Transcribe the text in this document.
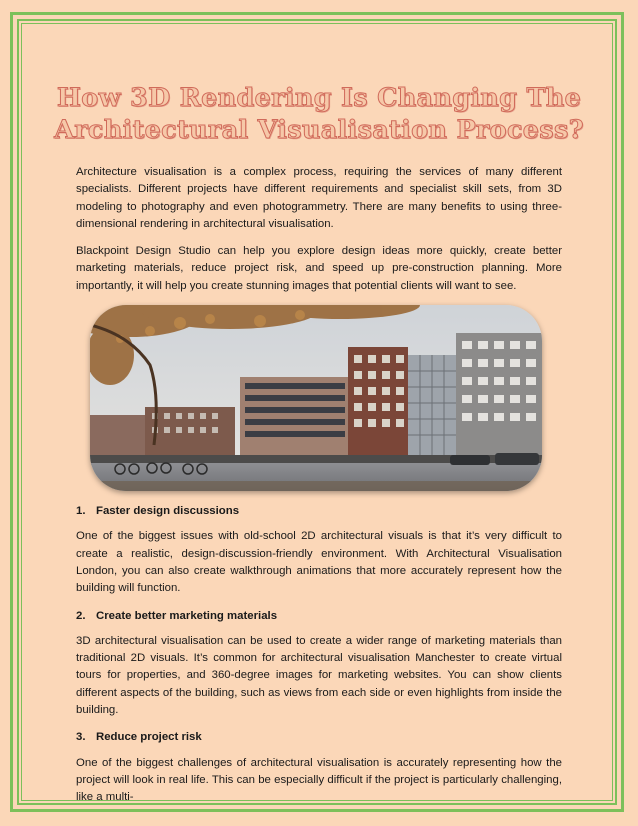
How 3D Rendering Is Changing The
Architectural Visualisation Process?

Architecture visualisation is a complex process, requiring the services of many different specialists. Different projects have different requirements and specialist skill sets, from 3D modeling to photography and even photogrammetry. There are many benefits to using three-dimensional rendering in architectural visualisation.

Blackpoint Design Studio can help you explore design ideas more quickly, create better marketing materials, reduce project risk, and speed up pre-construction planning. More importantly, it will help you create stunning images that potential clients will want to see.

1. Faster design discussions

One of the biggest issues with old-school 2D architectural visuals is that it’s very difficult to create a realistic, design-discussion-friendly environment. With Architectural Visualisation London, you can also create walkthrough animations that more accurately represent how the building will function.

2. Create better marketing materials

3D architectural visualisation can be used to create a wider range of marketing materials than traditional 2D visuals. It’s common for architectural visualisation Manchester to create virtual tours for properties, and 360-degree images for marketing websites. You can show clients different aspects of the building, such as views from each side or even highlights from inside the building.

3. Reduce project risk

One of the biggest challenges of architectural visualisation is accurately representing how the project will look in real life. This can be especially difficult if the project is particularly challenging, like a multi-
